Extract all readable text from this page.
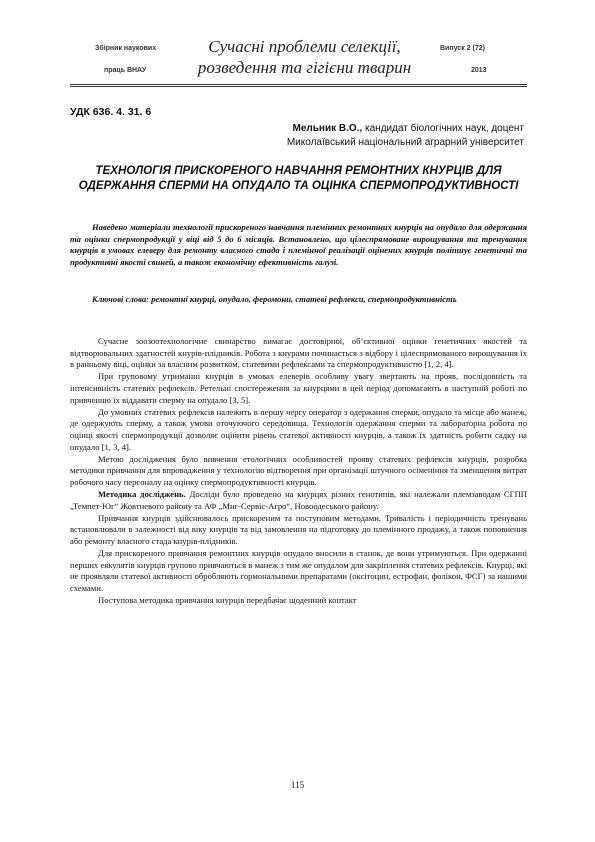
Збірник наукових
праць ВНАУ
Сучасні проблеми селекції,
розведення та гігієни тварин
Випуск 2 (72)
2013
УДК 636. 4. 31. 6
Мельник В.О., кандидат біологічних наук, доцент
Миколаївський національний аграрний університет
ТЕХНОЛОГІЯ ПРИСКОРЕНОГО НАВЧАННЯ РЕМОНТНИХ КНУРЦІВ ДЛЯ ОДЕРЖАННЯ СПЕРМИ НА ОПУДАЛО ТА ОЦІНКА СПЕРМОПРОДУКТИВНОСТІ
Наведено матеріали технології прискореного навчання племінних ремонтних кнурців на опудало для одержання та оцінки спермопродукції у віці від 5 до 6 місяців. Встановлено, що цілеспрямоване вирощування та тренування кнурців в умовах елеверу для ремонту власного стада і племінної реалізації оцінених кнурців поліпшує генетичні та продуктивні якості свиней, а також економічну ефективність галузі.
Ключові слова: ремонтні кнурці, опудало, феромони, статеві рефлекси, спермопродуктивність

Сучасне зоозоотехнологічне свинарство вимагає достовірної, об’єктивної оцінки генетичних якостей та відтворювальних здатностей кнурів-плідників. Робота з кнурами починається з відбору і цілеспрямованого вирощування їх в ранньому віці, оцінки за власним розвитком, статевими рефлексами та спермопродуктивністю [1, 2, 4].

При груповому утриманні кнурців в умовах елеверів особливу увагу звертають на прояв, послідовність та інтенсивність статевих рефлексів. Ретельні спостереження за кнурцями в цей період допомагають в наступній роботі по привченню їх віддавати сперму на опудало [3, 5].

До умовних статевих рефлексів належить в першу чергу оператор з одержання сперми, опудало та місце або манеж, де одержують сперму, а також умови оточуючого середовища. Технологія одержання сперми та лабораторна робота по оцінці якості спермопродукції дозволяє оцінити рівень статевої активності кнурців, а також їх здатність робити садку на опудало [1, 3, 4].

Метою дослідження було вивчення етологічних особливостей прояву статевих рефлексів кнурців, розробка методики привчання для впровадження у технологію відтворення при організації штучного осіменіння та зменшення витрат робочого часу персоналу на оцінку спермопродуктивності кнурців.

Методика досліджень. Досліди було проведено на кнурцях різних генотипів, які належали племзаводам СГПП „Темпет-Юг“ Жовтневого району та АФ „Миг-Сервіс-Агро“, Новоодеського району.

Привчання кнурців здійснювалось прискореним та поступовим методами. Тривалість і періодичність тренувань встановлювали в залежності від віку кнурців та від замовлення на підготовку до племінного продажу, а також поповнення або ремонту власного стада кнурів-плідників.

Для прискореного привчання ремонтних кнурців опудало вносили в станок, де вони утримуються. При одержанні перших еякулятів кнурців групово привчаються в манеж з тим же опудалом для закріплення статевих рефлексів. Кнурці, які не проявляли статевої активності обробляють гормональними препаратами (оксітоцин, естрофан, фолікон, ФСГ) за нашими схемами.

Поступова методика привчання кнурців передбачає щоденний контакт

115
